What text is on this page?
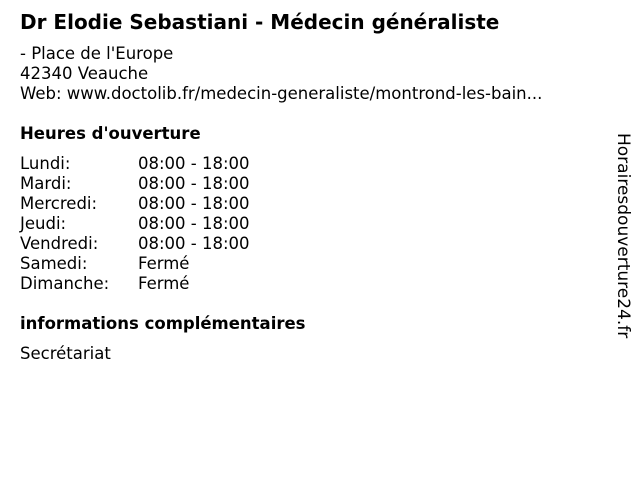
Dr Elodie Sebastiani - Médecin généraliste
- Place de l'Europe
42340 Veauche
Web: www.doctolib.fr/medecin-generaliste/montrond-les-bain...
Heures d'ouverture
Lundi:	08:00 - 18:00
Mardi:	08:00 - 18:00
Mercredi: 08:00 - 18:00
Jeudi:	08:00 - 18:00
Vendredi: 08:00 - 18:00
Samedi:	Fermé
Dimanche: Fermé
informations complémentaires
Secrétariat
Horairesdouverture24.fr
